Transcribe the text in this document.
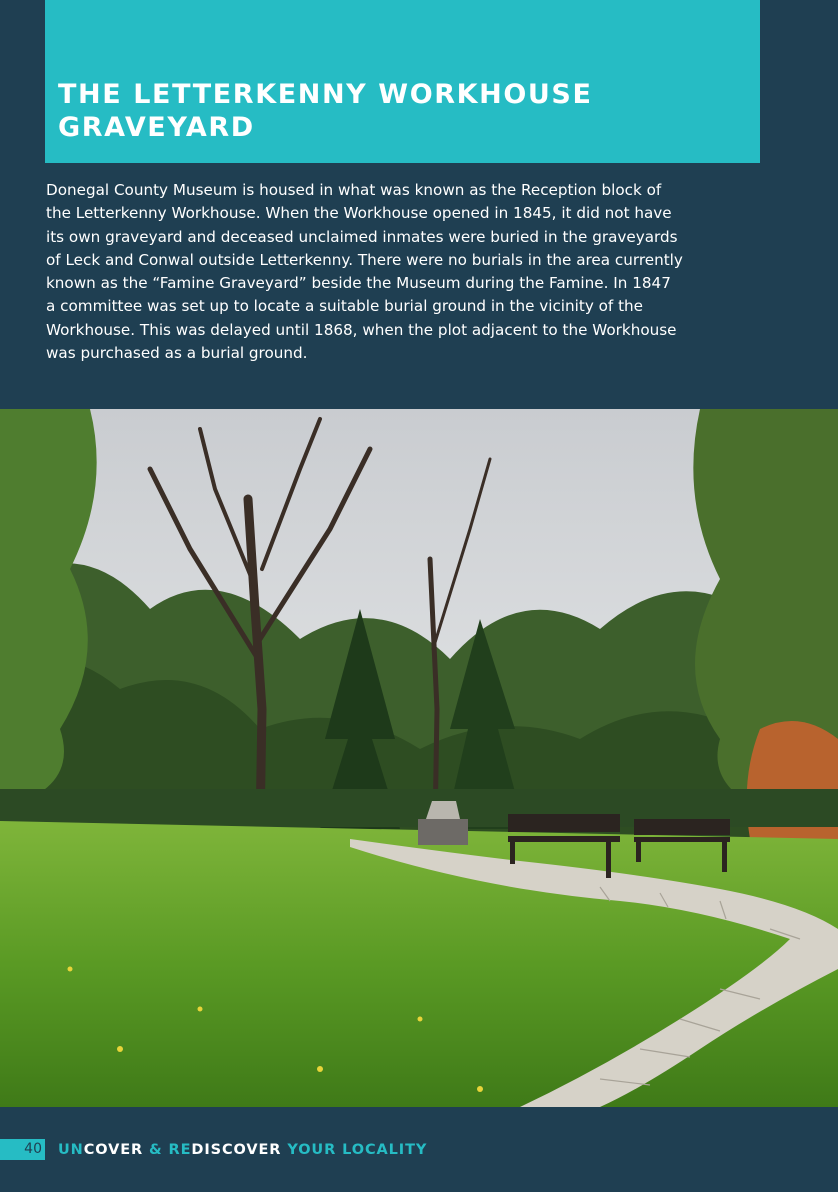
THE LETTERKENNY WORKHOUSE
GRAVEYARD

Donegal County Museum is housed in what was known as the Reception block of
the Letterkenny Workhouse. When the Workhouse opened in 1845, it did not have
its own graveyard and deceased unclaimed inmates were buried in the graveyards
of Leck and Conwal outside Letterkenny. There were no burials in the area currently
known as the “Famine Graveyard” beside the Museum during the Famine. In 1847
a committee was set up to locate a suitable burial ground in the vicinity of the
Workhouse. This was delayed until 1868, when the plot adjacent to the Workhouse
was purchased as a burial ground.

40 UNCOVER & REDISCOVER YOUR LOCALITY
